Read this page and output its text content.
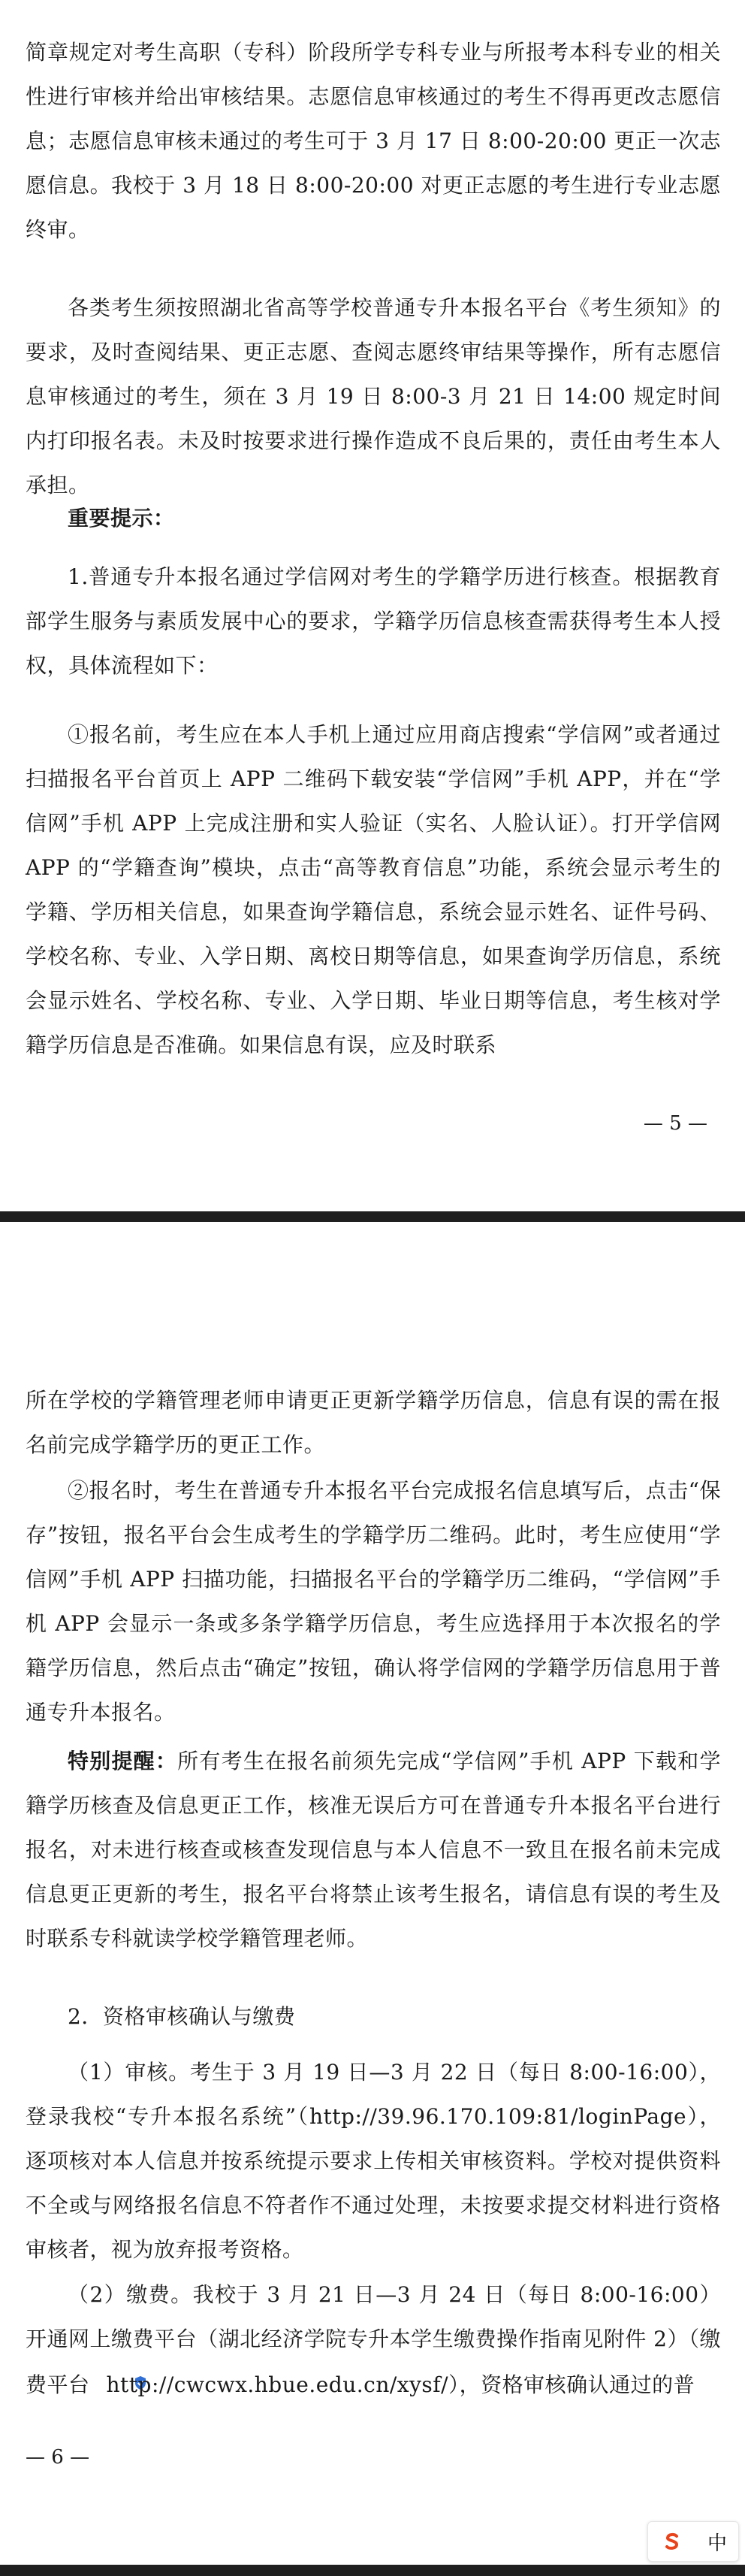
简章规定对考生高职（专科）阶段所学专科专业与所报考本科专业的相关性进行审核并给出审核结果。志愿信息审核通过的考生不得再更改志愿信息；志愿信息审核未通过的考生可于 3 月 17 日 8:00-20:00 更正一次志愿信息。我校于 3 月 18 日 8:00-20:00 对更正志愿的考生进行专业志愿终审。

各类考生须按照湖北省高等学校普通专升本报名平台《考生须知》的要求，及时查阅结果、更正志愿、查阅志愿终审结果等操作，所有志愿信息审核通过的考生，须在 3 月 19 日 8:00-3 月 21 日 14:00 规定时间内打印报名表。未及时按要求进行操作造成不良后果的，责任由考生本人承担。

重要提示：

1.普通专升本报名通过学信网对考生的学籍学历进行核查。根据教育部学生服务与素质发展中心的要求，学籍学历信息核查需获得考生本人授权，具体流程如下：

①报名前，考生应在本人手机上通过应用商店搜索“学信网”或者通过扫描报名平台首页上 APP 二维码下载安装“学信网”手机 APP，并在“学信网”手机 APP 上完成注册和实人验证（实名、人脸认证）。打开学信网 APP 的“学籍查询”模块，点击“高等教育信息”功能，系统会显示考生的学籍、学历相关信息，如果查询学籍信息，系统会显示姓名、证件号码、学校名称、专业、入学日期、离校日期等信息，如果查询学历信息，系统会显示姓名、学校名称、专业、入学日期、毕业日期等信息，考生核对学籍学历信息是否准确。如果信息有误，应及时联系

— 5 —

所在学校的学籍管理老师申请更正更新学籍学历信息，信息有误的需在报名前完成学籍学历的更正工作。

②报名时，考生在普通专升本报名平台完成报名信息填写后，点击“保存”按钮，报名平台会生成考生的学籍学历二维码。此时，考生应使用“学信网”手机 APP 扫描功能，扫描报名平台的学籍学历二维码，“学信网”手机 APP 会显示一条或多条学籍学历信息，考生应选择用于本次报名的学籍学历信息，然后点击“确定”按钮，确认将学信网的学籍学历信息用于普通专升本报名。

特别提醒：所有考生在报名前须先完成“学信网”手机 APP 下载和学籍学历核查及信息更正工作，核准无误后方可在普通专升本报名平台进行报名，对未进行核查或核查发现信息与本人信息不一致且在报名前未完成信息更正更新的考生，报名平台将禁止该考生报名，请信息有误的考生及时联系专科就读学校学籍管理老师。

2．资格审核确认与缴费

（1）审核。考生于 3 月 19 日—3 月 22 日（每日 8:00-16:00），登录我校“专升本报名系统”（http://39.96.170.109:81/loginPage），逐项核对本人信息并按系统提示要求上传相关审核资料。学校对提供资料不全或与网络报名信息不符者作不通过处理，未按要求提交材料进行资格审核者，视为放弃报考资格。

（2）缴费。我校于 3 月 21 日—3 月 24 日（每日 8:00-16:00）开通网上缴费平台（湖北经济学院专升本学生缴费操作指南见附件 2）（缴费平台 http://cwcwx.hbue.edu.cn/xysf/），资格审核确认通过的普

— 6 —
中
